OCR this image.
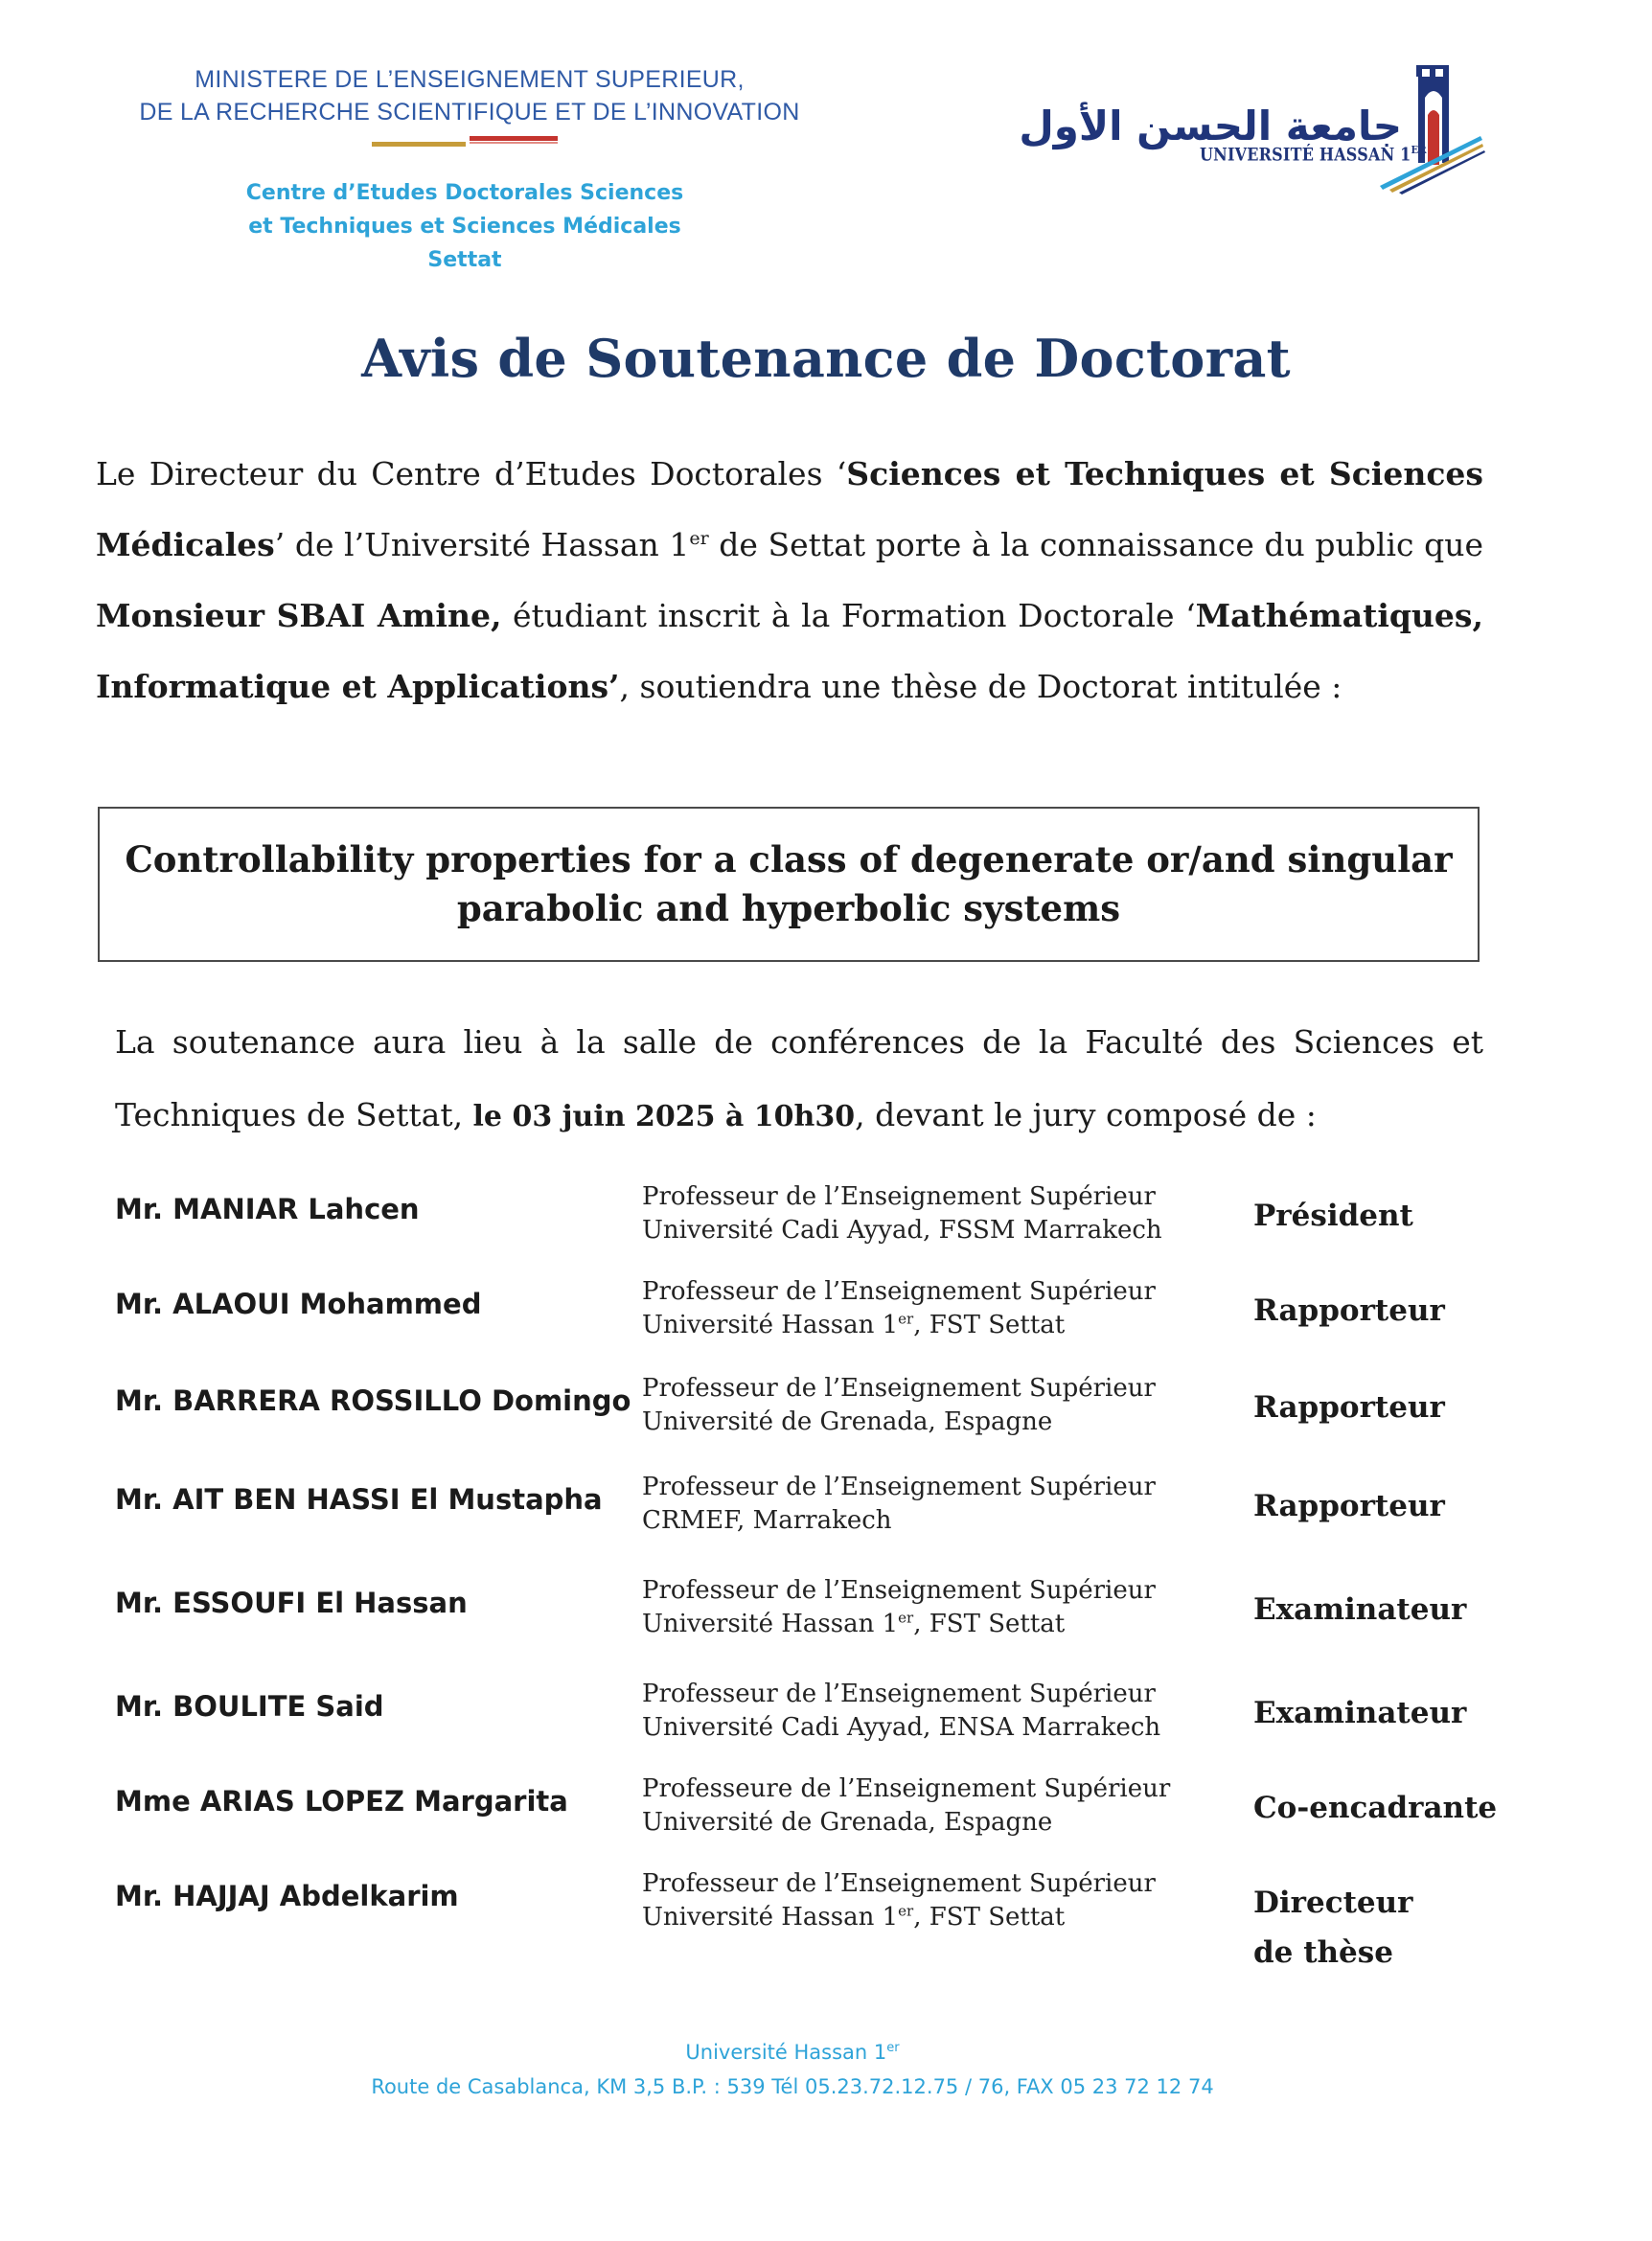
MINISTERE DE L’ENSEIGNEMENT SUPERIEUR,
DE LA RECHERCHE SCIENTIFIQUE ET DE L’INNOVATION
Centre d’Etudes Doctorales Sciences
et Techniques et Sciences Médicales
Settat
جامعة الحسن الأول
UNIVERSITÉ HASSAN 1ER
Avis de Soutenance de Doctorat
Le Directeur du Centre d’Etudes Doctorales ‘Sciences et Techniques et Sciences Médicales’ de l’Université Hassan 1er de Settat porte à la connaissance du public que Monsieur SBAI Amine, étudiant inscrit à la Formation Doctorale ‘Mathématiques, Informatique et Applications’, soutiendra une thèse de Doctorat intitulée :
Controllability properties for a class of degenerate or/and singular parabolic and hyperbolic systems
La soutenance aura lieu à la salle de conférences de la Faculté des Sciences et Techniques de Settat, le 03 juin 2025 à 10h30, devant le jury composé de :
Mr. MANIAR Lahcen	Professeur de l’Enseignement Supérieur
Université Cadi Ayyad, FSSM Marrakech	Président
Mr. ALAOUI Mohammed	Professeur de l’Enseignement Supérieur
Université Hassan 1er, FST Settat	Rapporteur
Mr. BARRERA ROSSILLO Domingo Professeur de l’Enseignement Supérieur
Université de Grenada, Espagne	Rapporteur
Mr. AIT BEN HASSI El Mustapha Professeur de l’Enseignement Supérieur
CRMEF, Marrakech	Rapporteur
Mr. ESSOUFI El Hassan	Professeur de l’Enseignement Supérieur
Université Hassan 1er, FST Settat	Examinateur
Mr. BOULITE Said	Professeur de l’Enseignement Supérieur
Université Cadi Ayyad, ENSA Marrakech	Examinateur
Mme ARIAS LOPEZ Margarita	Professeure de l’Enseignement Supérieur
Université de Grenada, Espagne	Co-encadrante
Mr. HAJJAJ Abdelkarim	Professeur de l’Enseignement Supérieur
Université Hassan 1er, FST Settat	Directeur de thèse
Université Hassan 1er
Route de Casablanca, KM 3,5 B.P. : 539 Tél 05.23.72.12.75 / 76, FAX 05 23 72 12 74
